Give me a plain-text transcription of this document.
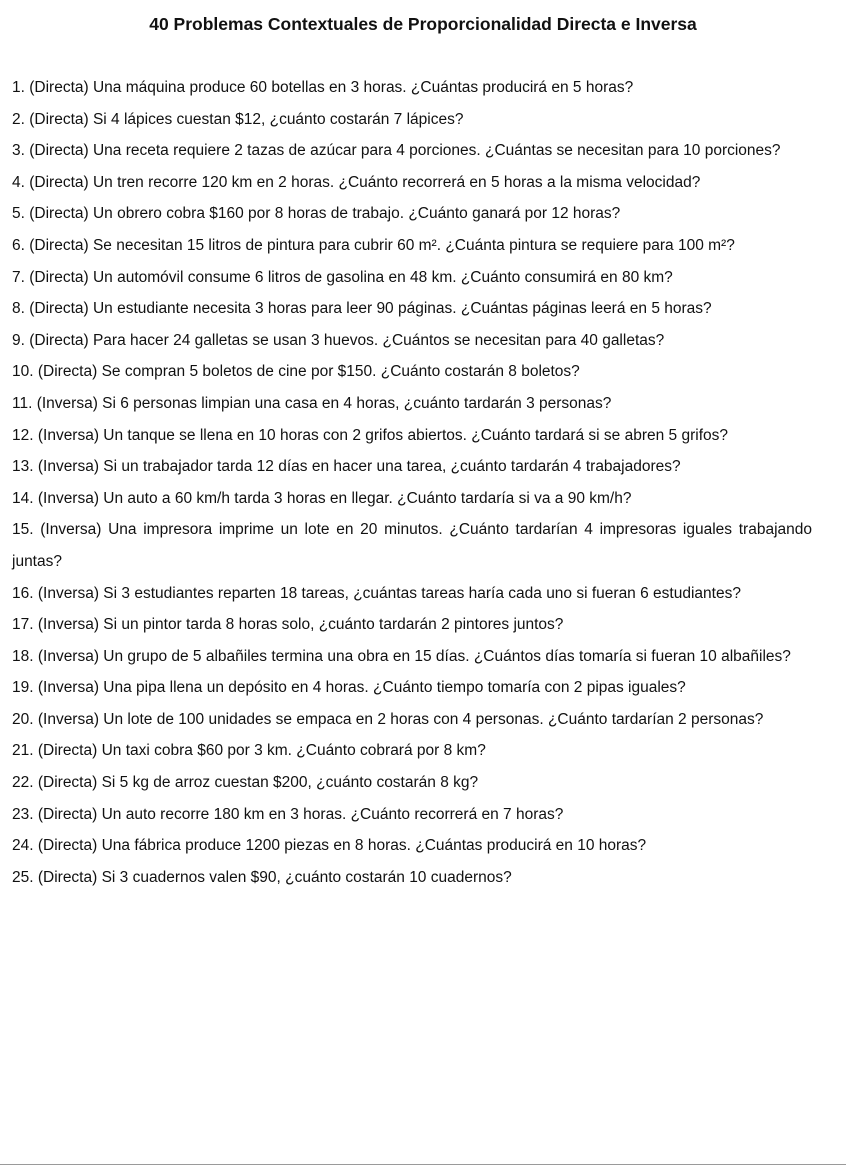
40 Problemas Contextuales de Proporcionalidad Directa e Inversa
1. (Directa) Una máquina produce 60 botellas en 3 horas. ¿Cuántas producirá en 5 horas?
2. (Directa) Si 4 lápices cuestan $12, ¿cuánto costarán 7 lápices?
3. (Directa) Una receta requiere 2 tazas de azúcar para 4 porciones. ¿Cuántas se necesitan para 10 porciones?
4. (Directa) Un tren recorre 120 km en 2 horas. ¿Cuánto recorrerá en 5 horas a la misma velocidad?
5. (Directa) Un obrero cobra $160 por 8 horas de trabajo. ¿Cuánto ganará por 12 horas?
6. (Directa) Se necesitan 15 litros de pintura para cubrir 60 m². ¿Cuánta pintura se requiere para 100 m²?
7. (Directa) Un automóvil consume 6 litros de gasolina en 48 km. ¿Cuánto consumirá en 80 km?
8. (Directa) Un estudiante necesita 3 horas para leer 90 páginas. ¿Cuántas páginas leerá en 5 horas?
9. (Directa) Para hacer 24 galletas se usan 3 huevos. ¿Cuántos se necesitan para 40 galletas?
10. (Directa) Se compran 5 boletos de cine por $150. ¿Cuánto costarán 8 boletos?
11. (Inversa) Si 6 personas limpian una casa en 4 horas, ¿cuánto tardarán 3 personas?
12. (Inversa) Un tanque se llena en 10 horas con 2 grifos abiertos. ¿Cuánto tardará si se abren 5 grifos?
13. (Inversa) Si un trabajador tarda 12 días en hacer una tarea, ¿cuánto tardarán 4 trabajadores?
14. (Inversa) Un auto a 60 km/h tarda 3 horas en llegar. ¿Cuánto tardaría si va a 90 km/h?
15. (Inversa) Una impresora imprime un lote en 20 minutos. ¿Cuánto tardarían 4 impresoras iguales trabajando juntas?
16. (Inversa) Si 3 estudiantes reparten 18 tareas, ¿cuántas tareas haría cada uno si fueran 6 estudiantes?
17. (Inversa) Si un pintor tarda 8 horas solo, ¿cuánto tardarán 2 pintores juntos?
18. (Inversa) Un grupo de 5 albañiles termina una obra en 15 días. ¿Cuántos días tomaría si fueran 10 albañiles?
19. (Inversa) Una pipa llena un depósito en 4 horas. ¿Cuánto tiempo tomaría con 2 pipas iguales?
20. (Inversa) Un lote de 100 unidades se empaca en 2 horas con 4 personas. ¿Cuánto tardarían 2 personas?
21. (Directa) Un taxi cobra $60 por 3 km. ¿Cuánto cobrará por 8 km?
22. (Directa) Si 5 kg de arroz cuestan $200, ¿cuánto costarán 8 kg?
23. (Directa) Un auto recorre 180 km en 3 horas. ¿Cuánto recorrerá en 7 horas?
24. (Directa) Una fábrica produce 1200 piezas en 8 horas. ¿Cuántas producirá en 10 horas?
25. (Directa) Si 3 cuadernos valen $90, ¿cuánto costarán 10 cuadernos?
